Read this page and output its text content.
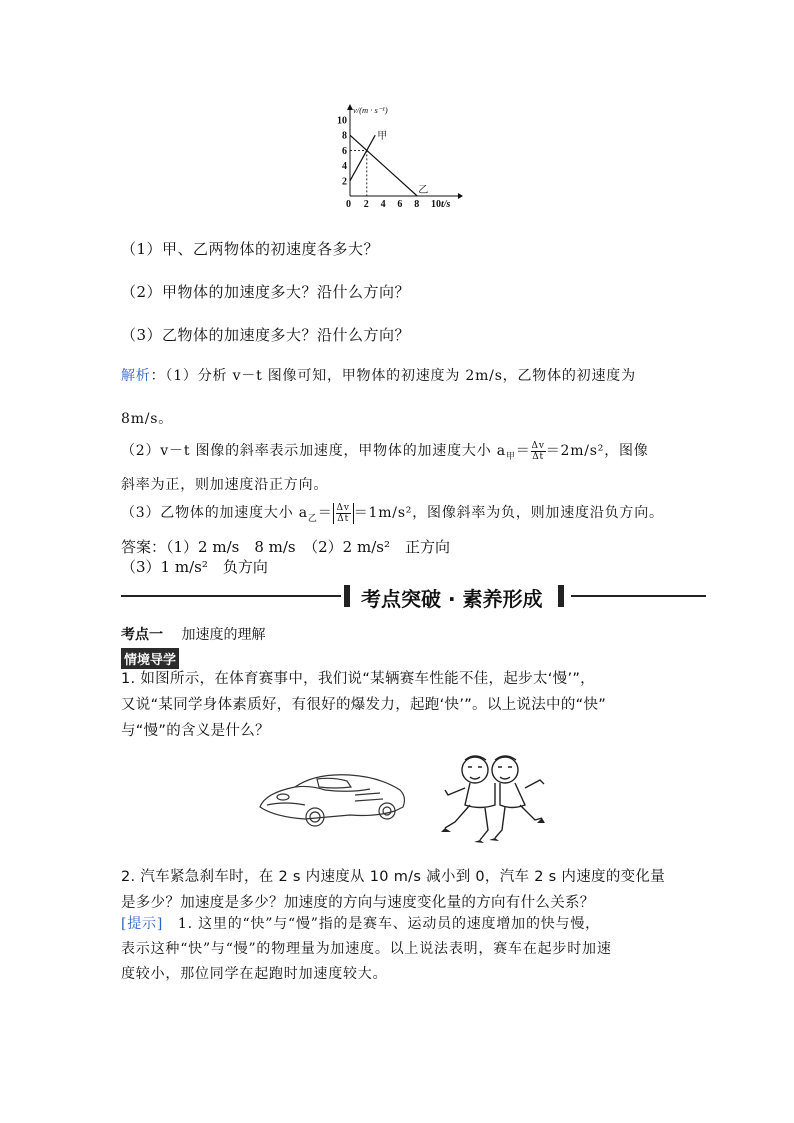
v/(m · s⁻¹)
0 2 4 6 8 10 t/s
2
4
6
8
10
甲
乙
（1）甲、乙两物体的初速度各多大？
（2）甲物体的加速度多大？沿什么方向？
（3）乙物体的加速度多大？沿什么方向？
解析：（1）分析 v－t 图像可知，甲物体的初速度为 2m/s，乙物体的初速度为
8m/s。
（2）v－t 图像的斜率表示加速度，甲物体的加速度大小 $a_甲= \frac{\Delta v}{\Delta t} =2m/s^2$，图像
斜率为正，则加速度沿正方向。
（3）乙物体的加速度大小 $a_乙= \frac{\Delta v}{\Delta t} =1m/s^2$，图像斜率为负，则加速度沿负方向。
答案：（1）2 m/s　8 m/s　（2）2 m/s²　正方向
（3）1 m/s²　负方向
考点突破 · 素养形成
考点一 加速度的理解
情境导学
1. 如图所示，在体育赛事中，我们说“某辆赛车性能不佳，起步太‘慢’”，
又说“某同学身体素质好，有很好的爆发力，起跑‘快’”。以上说法中的“快”
与“慢”的含义是什么？
2. 汽车紧急刹车时，在 2 s 内速度从 10 m/s 减小到 0，汽车 2 s 内速度的变化量
是多少？加速度是多少？加速度的方向与速度变化量的方向有什么关系？
[提示]　1. 这里的“快”与“慢”指的是赛车、运动员的速度增加的快与慢，
表示这种“快”与“慢”的物理量为加速度。以上说法表明，赛车在起步时加速
度较小，那位同学在起跑时加速度较大。
